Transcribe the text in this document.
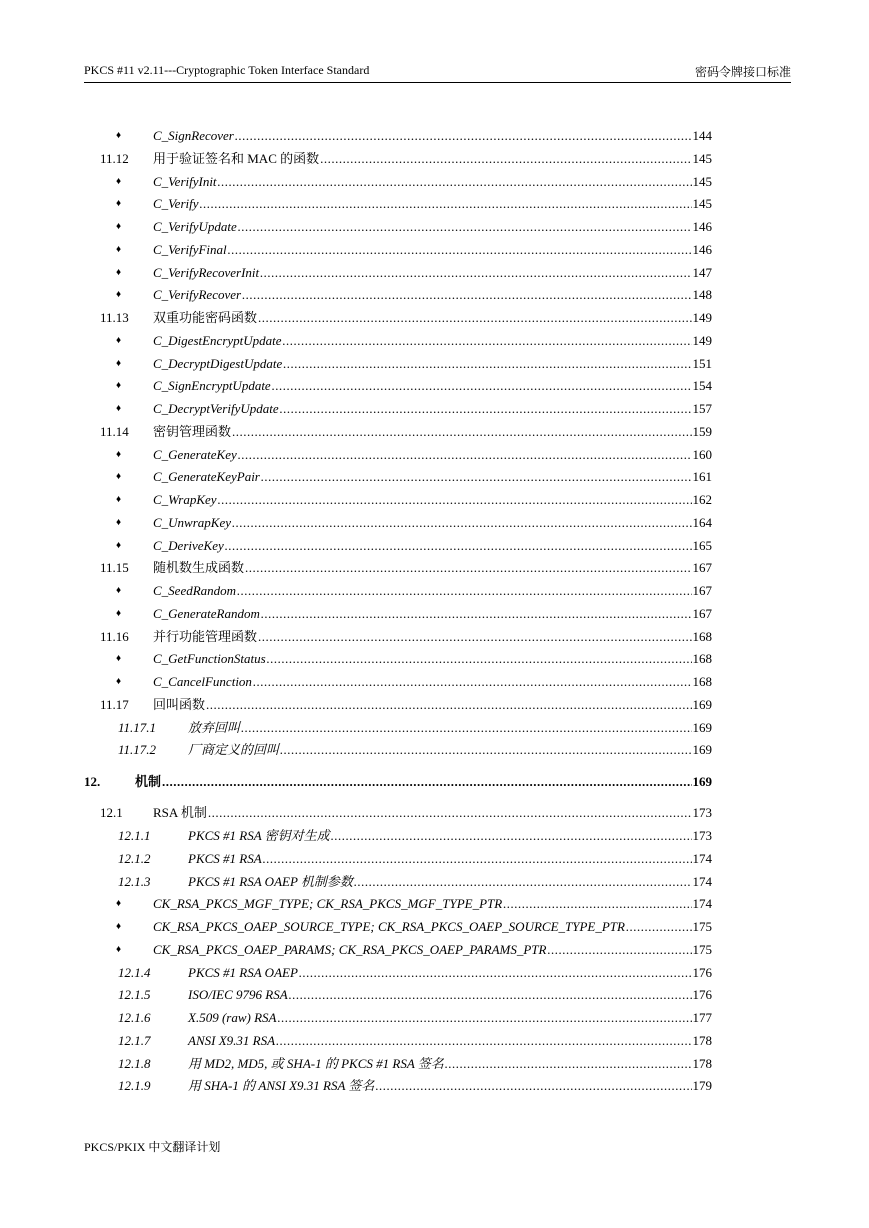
PKCS #11 v2.11---Cryptographic Token Interface Standard	密码令牌接口标准
♦ C_SignRecover .....	144
11.12 用于验证签名和 MAC 的函数 .....	145
♦ C_VerifyInit .....	145
♦ C_Verify .....	145
♦ C_VerifyUpdate .....	146
♦ C_VerifyFinal .....	146
♦ C_VerifyRecoverInit .....	147
♦ C_VerifyRecover .....	148
11.13 双重功能密码函数 .....	149
♦ C_DigestEncryptUpdate .....	149
♦ C_DecryptDigestUpdate .....	151
♦ C_SignEncryptUpdate .....	154
♦ C_DecryptVerifyUpdate .....	157
11.14 密钥管理函数 .....	159
♦ C_GenerateKey .....	160
♦ C_GenerateKeyPair .....	161
♦ C_WrapKey .....	162
♦ C_UnwrapKey .....	164
♦ C_DeriveKey .....	165
11.15 随机数生成函数 .....	167
♦ C_SeedRandom .....	167
♦ C_GenerateRandom .....	167
11.16 并行功能管理函数 .....	168
♦ C_GetFunctionStatus .....	168
♦ C_CancelFunction .....	168
11.17 回叫函数 .....	169
11.17.1 放弃回叫 .....	169
11.17.2 厂商定义的回叫 .....	169
12.	机制 .....	169
12.1 RSA 机制 .....	173
12.1.1	PKCS #1 RSA 密钥对生成 .....	173
12.1.2	PKCS #1 RSA .....	174
12.1.3	PKCS #1 RSA OAEP 机制参数 .....	174
♦ CK_RSA_PKCS_MGF_TYPE; CK_RSA_PKCS_MGF_TYPE_PTR .....	174
♦ CK_RSA_PKCS_OAEP_SOURCE_TYPE; CK_RSA_PKCS_OAEP_SOURCE_TYPE_PTR .....	175
♦ CK_RSA_PKCS_OAEP_PARAMS; CK_RSA_PKCS_OAEP_PARAMS_PTR .....	175
12.1.4	PKCS #1 RSA OAEP .....	176
12.1.5	ISO/IEC 9796 RSA .....	176
12.1.6	X.509 (raw) RSA .....	177
12.1.7	ANSI X9.31 RSA .....	178
12.1.8	用 MD2, MD5, 或 SHA-1 的 PKCS #1 RSA 签名 .....	178
12.1.9	用 SHA-1 的 ANSI X9.31 RSA 签名 .....	179
PKCS/PKIX 中文翻译计划
